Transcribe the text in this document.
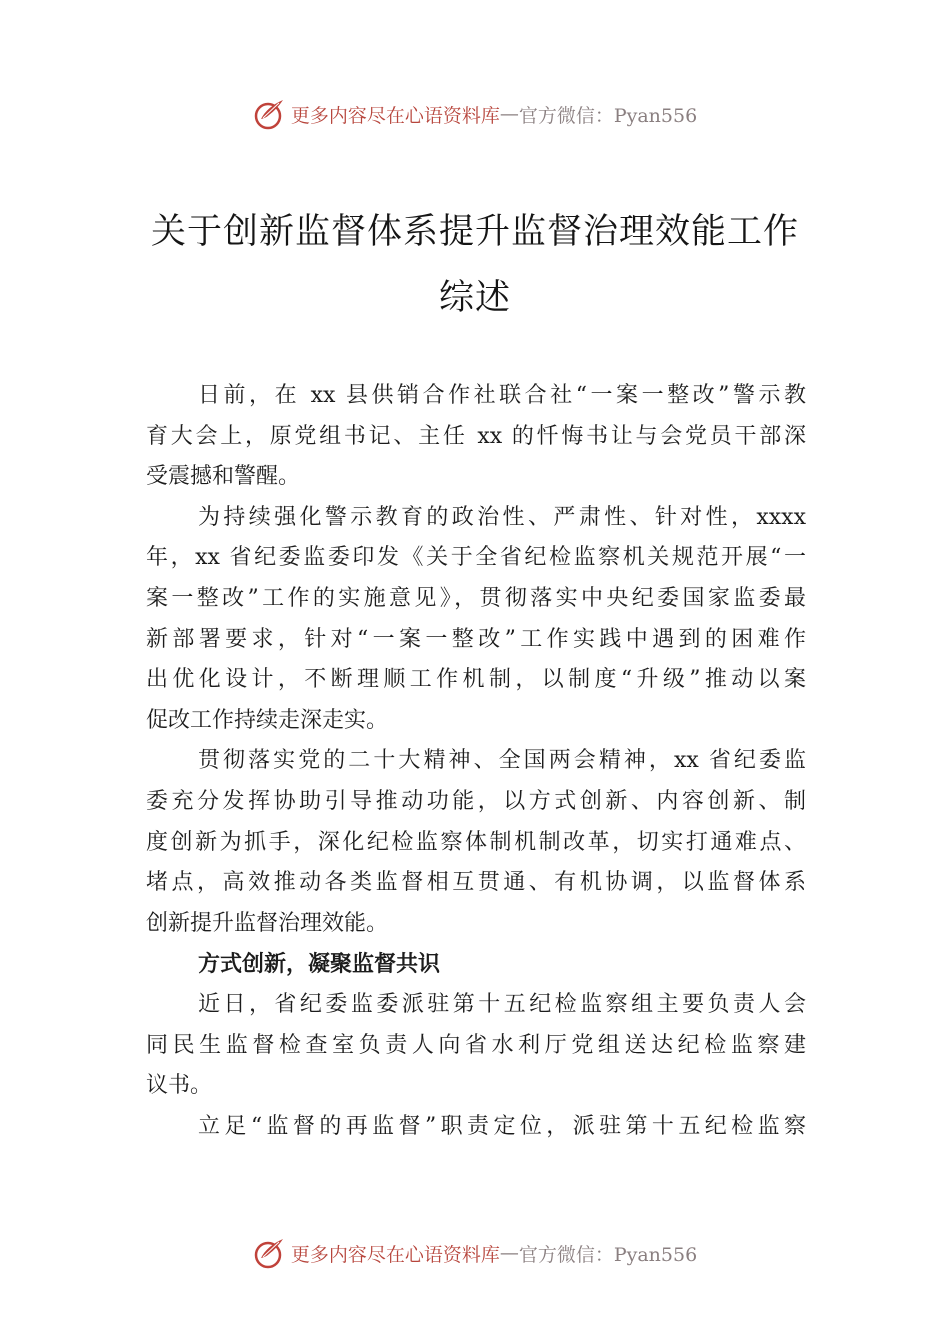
更多内容尽在心语资料库 — 官方微信：Pyan556
关于创新监督体系提升监督治理效能工作
综述
日前，在 xx 县供销合作社联合社“一案一整改”警示教
育大会上，原党组书记、主任 xx 的忏悔书让与会党员干部深
受震撼和警醒。
为持续强化警示教育的政治性、严肃性、针对性，xxxx
年，xx 省纪委监委印发《关于全省纪检监察机关规范开展“一
案一整改”工作的实施意见》，贯彻落实中央纪委国家监委最
新部署要求，针对“一案一整改”工作实践中遇到的困难作
出优化设计，不断理顺工作机制，以制度“升级”推动以案
促改工作持续走深走实。
贯彻落实党的二十大精神、全国两会精神，xx 省纪委监
委充分发挥协助引导推动功能，以方式创新、内容创新、制
度创新为抓手，深化纪检监察体制机制改革，切实打通难点、
堵点，高效推动各类监督相互贯通、有机协调，以监督体系
创新提升监督治理效能。
方式创新，凝聚监督共识
近日，省纪委监委派驻第十五纪检监察组主要负责人会
同民生监督检查室负责人向省水利厅党组送达纪检监察建
议书。
立足“监督的再监督”职责定位，派驻第十五纪检监察
更多内容尽在心语资料库 — 官方微信：Pyan556
